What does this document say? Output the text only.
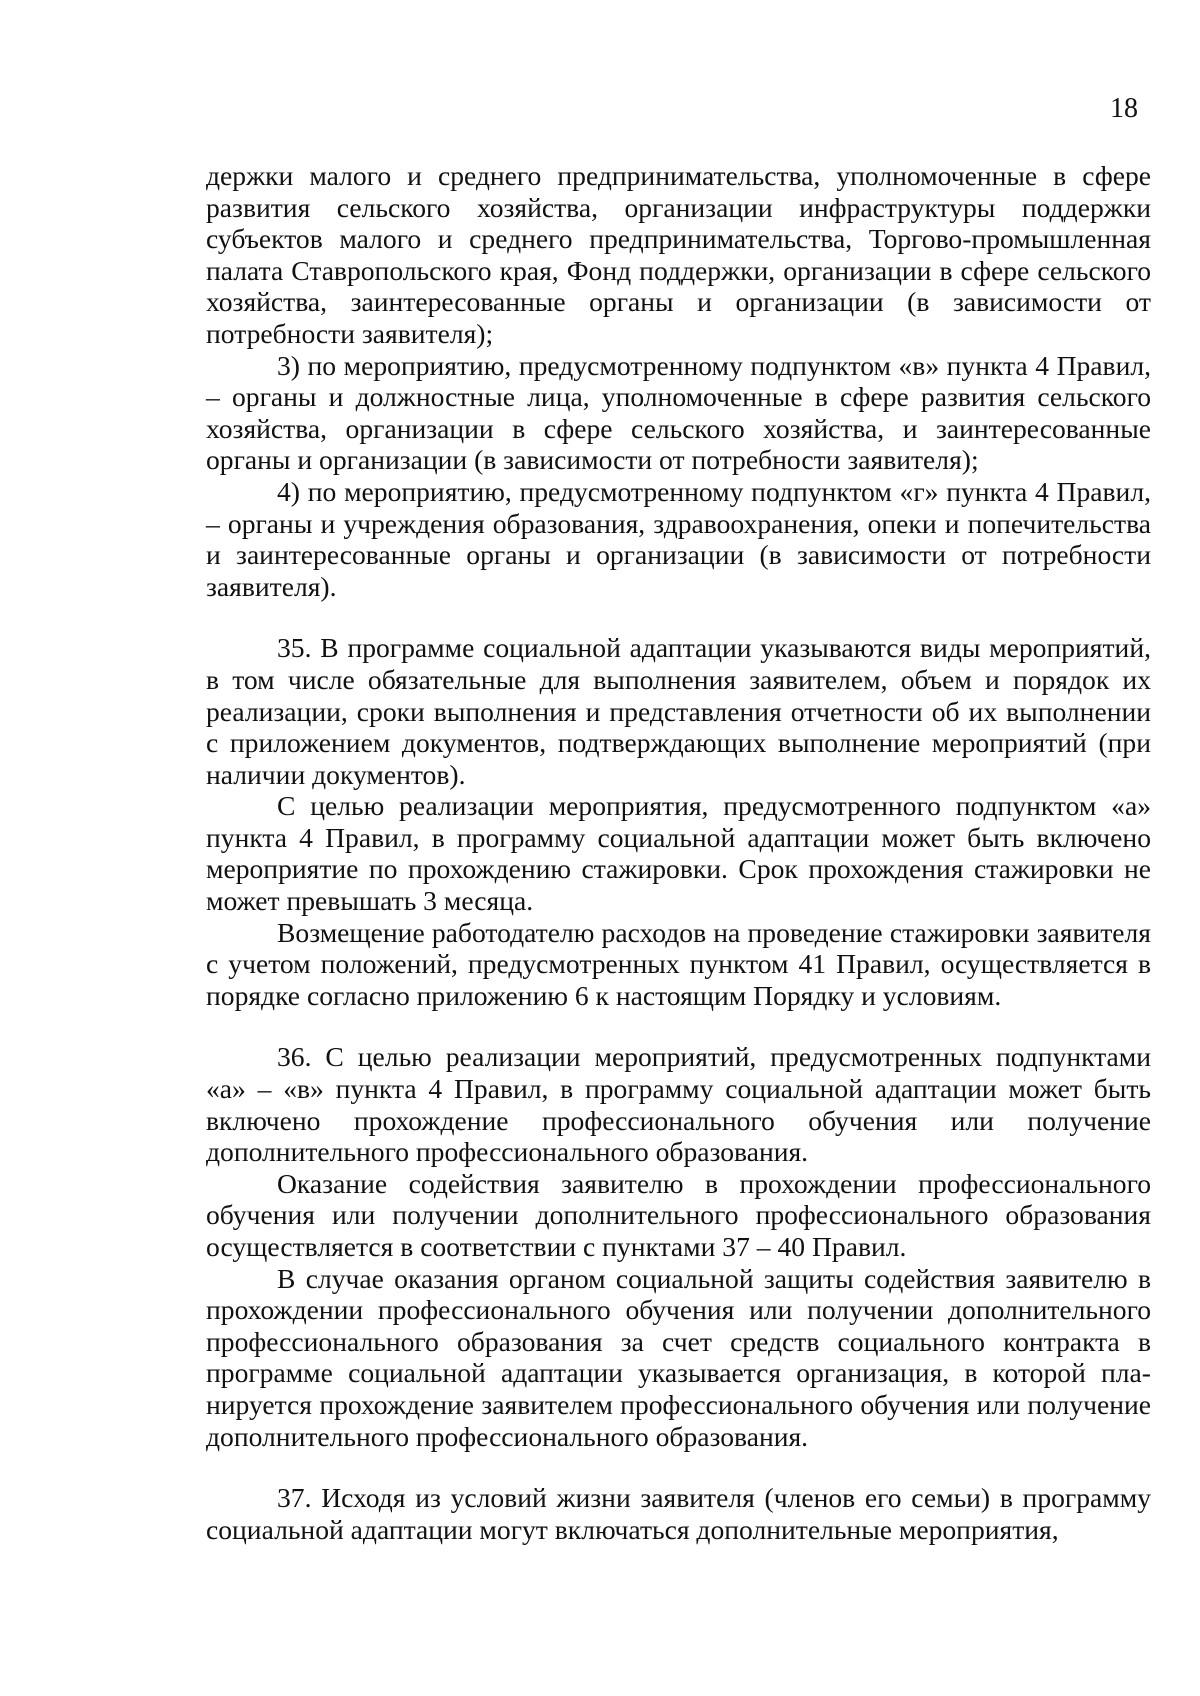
18

держки малого и среднего предпринимательства, уполномоченные в сфере развития сельского хозяйства, организации инфраструктуры поддержки субъектов малого и среднего предпринимательства, Торгово-промышленная палата Ставропольского края, Фонд поддержки, организации в сфере сельского хозяйства, заинтересованные органы и организации (в зависимости от потребности заявителя);

3) по мероприятию, предусмотренному подпунктом «в» пункта 4 Правил, – органы и должностные лица, уполномоченные в сфере развития сельского хозяйства, организации в сфере сельского хозяйства, и заинтересованные органы и организации (в зависимости от потребности заявителя);

4) по мероприятию, предусмотренному подпунктом «г» пункта 4 Правил, – органы и учреждения образования, здравоохранения, опеки и попечительства и заинтересованные органы и организации (в зависимости от потребности заявителя).

35. В программе социальной адаптации указываются виды мероприятий, в том числе обязательные для выполнения заявителем, объем и порядок их реализации, сроки выполнения и представления отчетности об их выполнении с приложением документов, подтверждающих выполнение мероприятий (при наличии документов).

С целью реализации мероприятия, предусмотренного подпунктом «а» пункта 4 Правил, в программу социальной адаптации может быть включено мероприятие по прохождению стажировки. Срок прохождения стажировки не может превышать 3 месяца.

Возмещение работодателю расходов на проведение стажировки заявителя с учетом положений, предусмотренных пунктом 41 Правил, осуществляется в порядке согласно приложению 6 к настоящим Порядку и условиям.

36. С целью реализации мероприятий, предусмотренных подпунктами «а» – «в» пункта 4 Правил, в программу социальной адаптации может быть включено прохождение профессионального обучения или получение дополнительного профессионального образования.

Оказание содействия заявителю в прохождении профессионального обучения или получении дополнительного профессионального образования осуществляется в соответствии с пунктами 37 – 40 Правил.

В случае оказания органом социальной защиты содействия заявителю в прохождении профессионального обучения или получении дополнительного профессионального образования за счет средств социального контракта в программе социальной адаптации указывается организация, в которой планируется прохождение заявителем профессионального обучения или получение дополнительного профессионального образования.

37. Исходя из условий жизни заявителя (членов его семьи) в программу социальной адаптации могут включаться дополнительные мероприятия,
